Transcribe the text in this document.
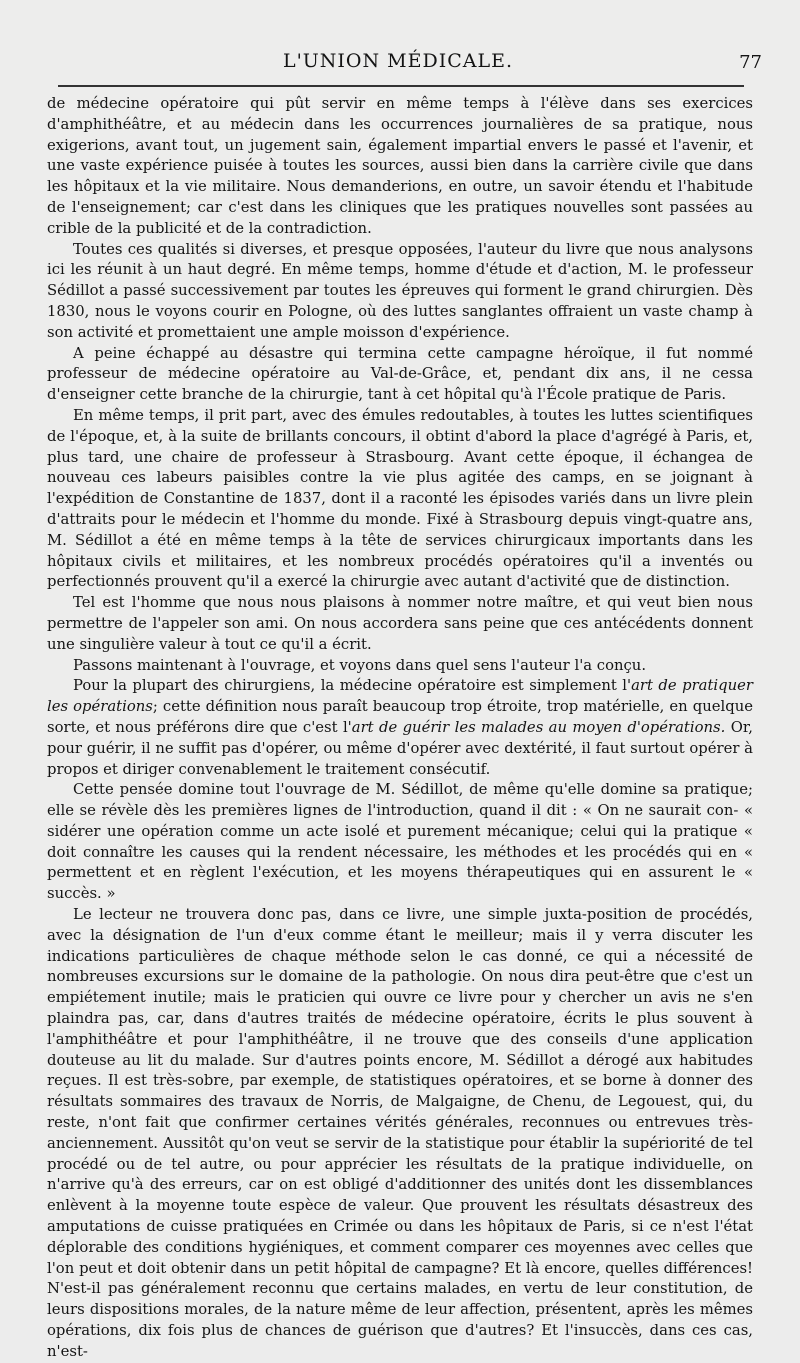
L'UNION MÉDICALE.	77

de médecine opératoire qui pût servir en même temps à l'élève dans ses exercices d'amphithéâtre, et au médecin dans les occurrences journalières de sa pratique, nous exigerions, avant tout, un jugement sain, également impartial envers le passé et l'avenir, et une vaste expérience puisée à toutes les sources, aussi bien dans la carrière civile que dans les hôpitaux et la vie militaire. Nous demanderions, en outre, un savoir étendu et l'habitude de l'enseignement; car c'est dans les cliniques que les pratiques nouvelles sont passées au crible de la publicité et de la contradiction.

Toutes ces qualités si diverses, et presque opposées, l'auteur du livre que nous analysons ici les réunit à un haut degré. En même temps, homme d'étude et d'action, M. le professeur Sédillot a passé successivement par toutes les épreuves qui forment le grand chirurgien. Dès 1830, nous le voyons courir en Pologne, où des luttes sanglantes offraient un vaste champ à son activité et promettaient une ample moisson d'expérience.

A peine échappé au désastre qui termina cette campagne héroïque, il fut nommé professeur de médecine opératoire au Val-de-Grâce, et, pendant dix ans, il ne cessa d'enseigner cette branche de la chirurgie, tant à cet hôpital qu'à l'École pratique de Paris.

En même temps, il prit part, avec des émules redoutables, à toutes les luttes scientifiques de l'époque, et, à la suite de brillants concours, il obtint d'abord la place d'agrégé à Paris, et, plus tard, une chaire de professeur à Strasbourg. Avant cette époque, il échangea de nouveau ces labeurs paisibles contre la vie plus agitée des camps, en se joignant à l'expédition de Constantine de 1837, dont il a raconté les épisodes variés dans un livre plein d'attraits pour le médecin et l'homme du monde. Fixé à Strasbourg depuis vingt-quatre ans, M. Sédillot a été en même temps à la tête de services chirurgicaux importants dans les hôpitaux civils et militaires, et les nombreux procédés opératoires qu'il a inventés ou perfectionnés prouvent qu'il a exercé la chirurgie avec autant d'activité que de distinction.

Tel est l'homme que nous nous plaisons à nommer notre maître, et qui veut bien nous permettre de l'appeler son ami. On nous accordera sans peine que ces antécédents donnent une singulière valeur à tout ce qu'il a écrit.

Passons maintenant à l'ouvrage, et voyons dans quel sens l'auteur l'a conçu.

Pour la plupart des chirurgiens, la médecine opératoire est simplement l'art de pratiquer les opérations; cette définition nous paraît beaucoup trop étroite, trop matérielle, en quelque sorte, et nous préférons dire que c'est l'art de guérir les malades au moyen d'opérations. Or, pour guérir, il ne suffit pas d'opérer, ou même d'opérer avec dextérité, il faut surtout opérer à propos et diriger convenablement le traitement consécutif.

Cette pensée domine tout l'ouvrage de M. Sédillot, de même qu'elle domine sa pratique; elle se révèle dès les premières lignes de l'introduction, quand il dit : « On ne saurait con- « sidérer une opération comme un acte isolé et purement mécanique; celui qui la pratique « doit connaître les causes qui la rendent nécessaire, les méthodes et les procédés qui en « permettent et en règlent l'exécution, et les moyens thérapeutiques qui en assurent le « succès. »

Le lecteur ne trouvera donc pas, dans ce livre, une simple juxta-position de procédés, avec la désignation de l'un d'eux comme étant le meilleur; mais il y verra discuter les indications particulières de chaque méthode selon le cas donné, ce qui a nécessité de nombreuses excursions sur le domaine de la pathologie. On nous dira peut-être que c'est un empiétement inutile; mais le praticien qui ouvre ce livre pour y chercher un avis ne s'en plaindra pas, car, dans d'autres traités de médecine opératoire, écrits le plus souvent à l'amphithéâtre et pour l'amphithéâtre, il ne trouve que des conseils d'une application douteuse au lit du malade. Sur d'autres points encore, M. Sédillot a dérogé aux habitudes reçues. Il est très-sobre, par exemple, de statistiques opératoires, et se borne à donner des résultats sommaires des travaux de Norris, de Malgaigne, de Chenu, de Legouest, qui, du reste, n'ont fait que confirmer certaines vérités générales, reconnues ou entrevues très-anciennement. Aussitôt qu'on veut se servir de la statistique pour établir la supériorité de tel procédé ou de tel autre, ou pour apprécier les résultats de la pratique individuelle, on n'arrive qu'à des erreurs, car on est obligé d'additionner des unités dont les dissemblances enlèvent à la moyenne toute espèce de valeur. Que prouvent les résultats désastreux des amputations de cuisse pratiquées en Crimée ou dans les hôpitaux de Paris, si ce n'est l'état déplorable des conditions hygiéniques, et comment comparer ces moyennes avec celles que l'on peut et doit obtenir dans un petit hôpital de campagne? Et là encore, quelles différences! N'est-il pas généralement reconnu que certains malades, en vertu de leur constitution, de leurs dispositions morales, de la nature même de leur affection, présentent, après les mêmes opérations, dix fois plus de chances de guérison que d'autres? Et l'insuccès, dans ces cas, n'est-
